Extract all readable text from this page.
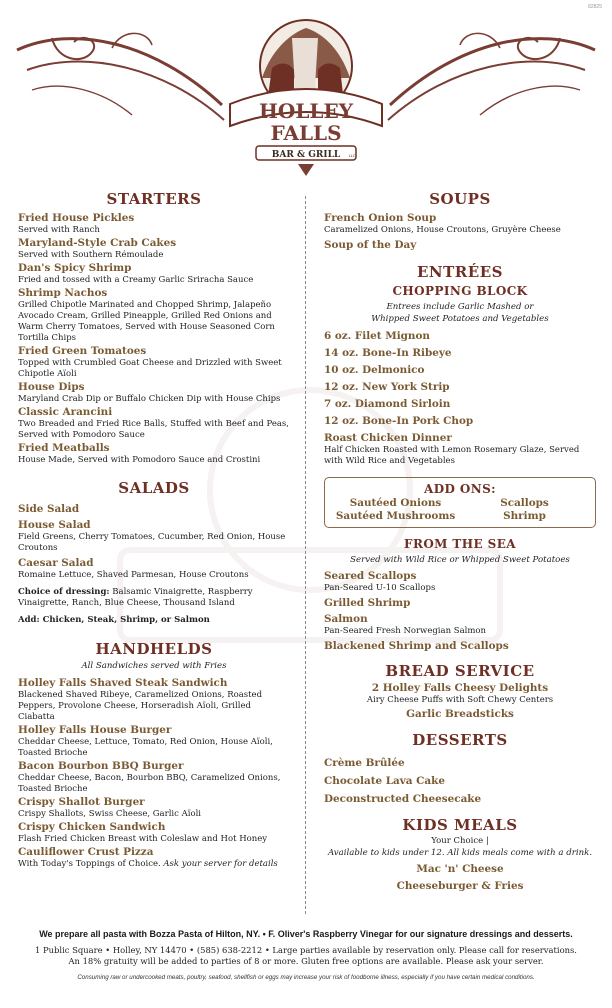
82825
HOLLEY
FALLS
BAR & GRILL LLC
STARTERS
Fried House Pickles
Served with Ranch
Maryland-Style Crab Cakes
Served with Southern Rémoulade
Dan's Spicy Shrimp
Fried and tossed with a Creamy Garlic Sriracha Sauce
Shrimp Nachos
Grilled Chipotle Marinated and Chopped Shrimp, Jalapeño Avocado Cream, Grilled Pineapple, Grilled Red Onions and Warm Cherry Tomatoes, Served with House Seasoned Corn Tortilla Chips
Fried Green Tomatoes
Topped with Crumbled Goat Cheese and Drizzled with Sweet Chipotle Aïoli
House Dips
Maryland Crab Dip or Buffalo Chicken Dip with House Chips
Classic Arancini
Two Breaded and Fried Rice Balls, Stuffed with Beef and Peas, Served with Pomodoro Sauce
Fried Meatballs
House Made, Served with Pomodoro Sauce and Crostini
SALADS
Side Salad
House Salad
Field Greens, Cherry Tomatoes, Cucumber, Red Onion, House Croutons
Caesar Salad
Romaine Lettuce, Shaved Parmesan, House Croutons
Choice of dressing: Balsamic Vinaigrette, Raspberry Vinaigrette, Ranch, Blue Cheese, Thousand Island
Add: Chicken, Steak, Shrimp, or Salmon
HANDHELDS
All Sandwiches served with Fries
Holley Falls Shaved Steak Sandwich
Blackened Shaved Ribeye, Caramelized Onions, Roasted Peppers, Provolone Cheese, Horseradish Aïoli, Grilled Ciabatta
Holley Falls House Burger
Cheddar Cheese, Lettuce, Tomato, Red Onion, House Aïoli, Toasted Brioche
Bacon Bourbon BBQ Burger
Cheddar Cheese, Bacon, Bourbon BBQ, Caramelized Onions, Toasted Brioche
Crispy Shallot Burger
Crispy Shallots, Swiss Cheese, Garlic Aïoli
Crispy Chicken Sandwich
Flash Fried Chicken Breast with Coleslaw and Hot Honey
Cauliflower Crust Pizza
With Today's Toppings of Choice. Ask your server for details
SOUPS
French Onion Soup
Caramelized Onions, House Croutons, Gruyère Cheese
Soup of the Day
ENTRÉES
CHOPPING BLOCK
Entrees include Garlic Mashed or
Whipped Sweet Potatoes and Vegetables
6 oz. Filet Mignon
14 oz. Bone-In Ribeye
10 oz. Delmonico
12 oz. New York Strip
7 oz. Diamond Sirloin
12 oz. Bone-In Pork Chop
Roast Chicken Dinner
Half Chicken Roasted with Lemon Rosemary Glaze, Served with Wild Rice and Vegetables
ADD ONS:
Sautéed Onions	Scallops
Sautéed Mushrooms	Shrimp
FROM THE SEA
Served with Wild Rice or Whipped Sweet Potatoes
Seared Scallops
Pan-Seared U-10 Scallops
Grilled Shrimp
Salmon
Pan-Seared Fresh Norwegian Salmon
Blackened Shrimp and Scallops
BREAD SERVICE
2 Holley Falls Cheesy Delights
Airy Cheese Puffs with Soft Chewy Centers
Garlic Breadsticks
DESSERTS
Crème Brûlée
Chocolate Lava Cake
Deconstructed Cheesecake
KIDS MEALS
Your Choice |
Available to kids under 12. All kids meals come with a drink.
Mac 'n' Cheese
Cheeseburger & Fries
We prepare all pasta with Bozza Pasta of Hilton, NY. • F. Oliver's Raspberry Vinegar for our signature dressings and desserts.
1 Public Square • Holley, NY 14470 • (585) 638-2212 • Large parties available by reservation only. Please call for reservations.
An 18% gratuity will be added to parties of 8 or more. Gluten free options are available. Please ask your server.
Consuming raw or undercooked meats, poultry, seafood, shellfish or eggs may increase your risk of foodborne illness, especially if you have certain medical conditions.
